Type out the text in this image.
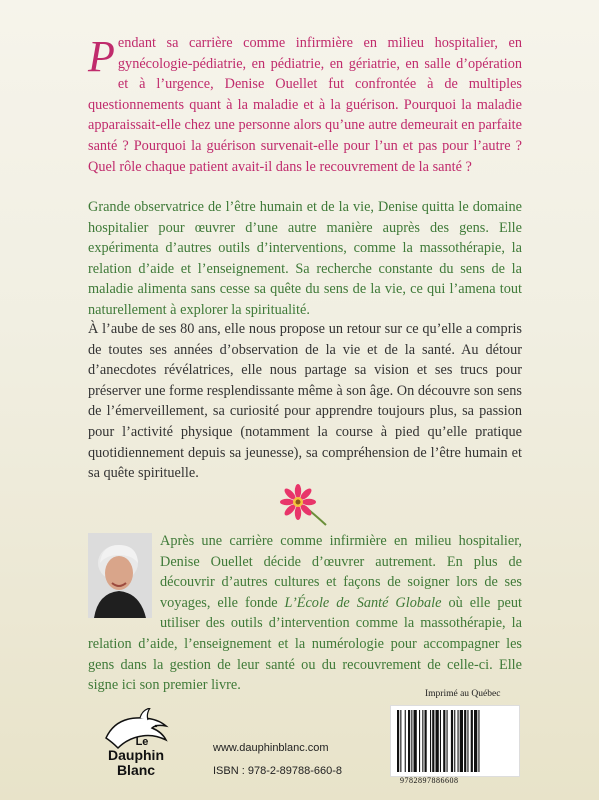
Pendant sa carrière comme infirmière en milieu hospitalier, en gynécologie-pédiatrie, en pédiatrie, en gériatrie, en salle d’opération et à l’urgence, Denise Ouellet fut confrontée à de multiples questionnements quant à la maladie et à la guérison. Pourquoi la maladie apparaissait-elle chez une personne alors qu’une autre demeurait en parfaite santé ? Pourquoi la guérison survenait-elle pour l’un et pas pour l’autre ? Quel rôle chaque patient avait-il dans le recouvrement de la santé ?

Grande observatrice de l’être humain et de la vie, Denise quitta le domaine hospitalier pour œuvrer d’une autre manière auprès des gens. Elle expérimenta d’autres outils d’interventions, comme la massothérapie, la relation d’aide et l’enseignement. Sa recherche constante du sens de la maladie alimenta sans cesse sa quête du sens de la vie, ce qui l’amena tout naturellement à explorer la spiritualité.

À l’aube de ses 80 ans, elle nous propose un retour sur ce qu’elle a compris de toutes ses années d’observation de la vie et de la santé. Au détour d’anecdotes révélatrices, elle nous partage sa vision et ses trucs pour préserver une forme resplendissante même à son âge. On découvre son sens de l’émerveillement, sa curiosité pour apprendre toujours plus, sa passion pour l’activité physique (notamment la course à pied qu’elle pratique quotidiennement depuis sa jeunesse), sa compréhension de l’être humain et sa quête spirituelle.

Après une carrière comme infirmière en milieu hospitalier, Denise Ouellet décide d’œuvrer autrement. En plus de découvrir d’autres cultures et façons de soigner lors de ses voyages, elle fonde L’École de Santé Globale où elle peut utiliser des outils d’intervention comme la massothérapie, la relation d’aide, l’enseignement et la numérologie pour accompagner les gens dans la gestion de leur santé ou du recouvrement de celle-ci. Elle signe ici son premier livre.

Imprimé au Québec
9782897886608
Le
Dauphin
Blanc
www.dauphinblanc.com
ISBN : 978-2-89788-660-8
